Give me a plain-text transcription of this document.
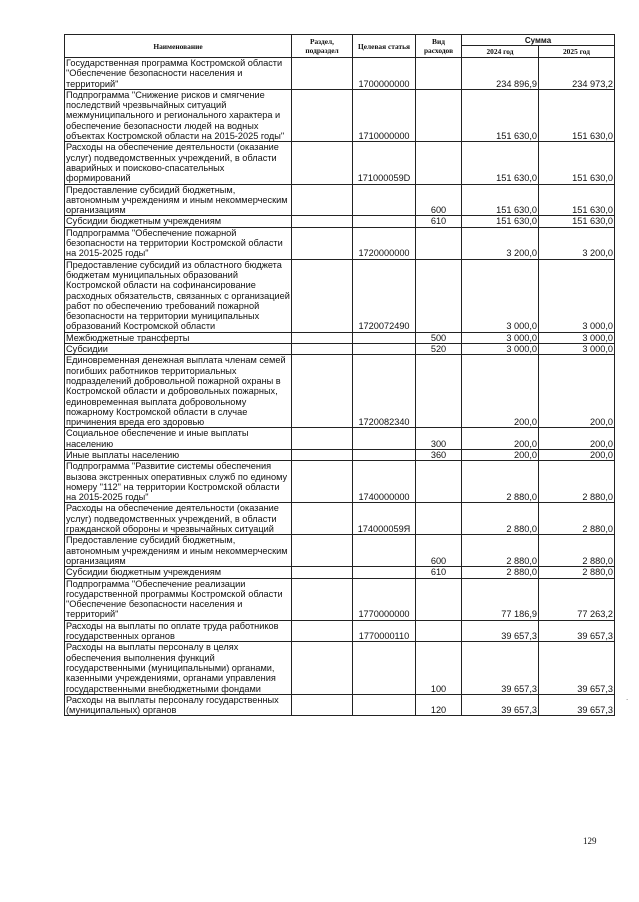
Наименование	Раздел, подраздел	Целевая статья	Вид расходов	Сумма	
				2024 год	2025 год
Государственная программа Костромской области "Обеспечение безопасности населения и территорий"		1700000000		234 896,9	234 973,2
Подпрограмма "Снижение рисков и смягчение последствий чрезвычайных ситуаций межмуниципального и регионального характера и обеспечение безопасности людей на водных объектах Костромской области на 2015-2025 годы"		1710000000		151 630,0	151 630,0
Расходы на обеспечение деятельности (оказание услуг) подведомственных учреждений, в области аварийных и поисково-спасательных формирований		171000059D		151 630,0	151 630,0
Предоставление субсидий бюджетным, автономным учреждениям и иным некоммерческим организациям			600	151 630,0	151 630,0
Субсидии бюджетным учреждениям			610	151 630,0	151 630,0
Подпрограмма "Обеспечение пожарной безопасности на территории Костромской области на 2015-2025 годы"		1720000000		3 200,0	3 200,0
Предоставление субсидий из областного бюджета бюджетам муниципальных образований Костромской области на софинансирование расходных обязательств, связанных с организацией работ по обеспечению требований пожарной безопасности на территории муниципальных образований Костромской области		1720072490		3 000,0	3 000,0
Межбюджетные трансферты			500	3 000,0	3 000,0
Субсидии			520	3 000,0	3 000,0
Единовременная денежная выплата членам семей погибших работников территориальных подразделений добровольной пожарной охраны в Костромской области и добровольных пожарных, единовременная выплата добровольному пожарному Костромской области в случае причинения вреда его здоровью		1720082340		200,0	200,0
Социальное обеспечение и иные выплаты населению			300	200,0	200,0
Иные выплаты населению			360	200,0	200,0
Подпрограмма "Развитие системы обеспечения вызова экстренных оперативных служб по единому номеру "112" на территории Костромской области на 2015-2025 годы"		1740000000		2 880,0	2 880,0
Расходы на обеспечение деятельности (оказание услуг) подведомственных учреждений, в области гражданской обороны и чрезвычайных ситуаций		174000059Я		2 880,0	2 880,0
Предоставление субсидий бюджетным, автономным учреждениям и иным некоммерческим организациям			600	2 880,0	2 880,0
Субсидии бюджетным учреждениям			610	2 880,0	2 880,0
Подпрограмма "Обеспечение реализации государственной программы Костромской области "Обеспечение безопасности населения и территорий"		1770000000		77 186,9	77 263,2
Расходы на выплаты по оплате труда работников государственных органов		1770000110		39 657,3	39 657,3
Расходы на выплаты персоналу в целях обеспечения выполнения функций государственными (муниципальными) органами, казенными учреждениями, органами управления государственными внебюджетными фондами			100	39 657,3	39 657,3
Расходы на выплаты персоналу государственных (муниципальных) органов			120	39 657,3	39 657,3
129
.
